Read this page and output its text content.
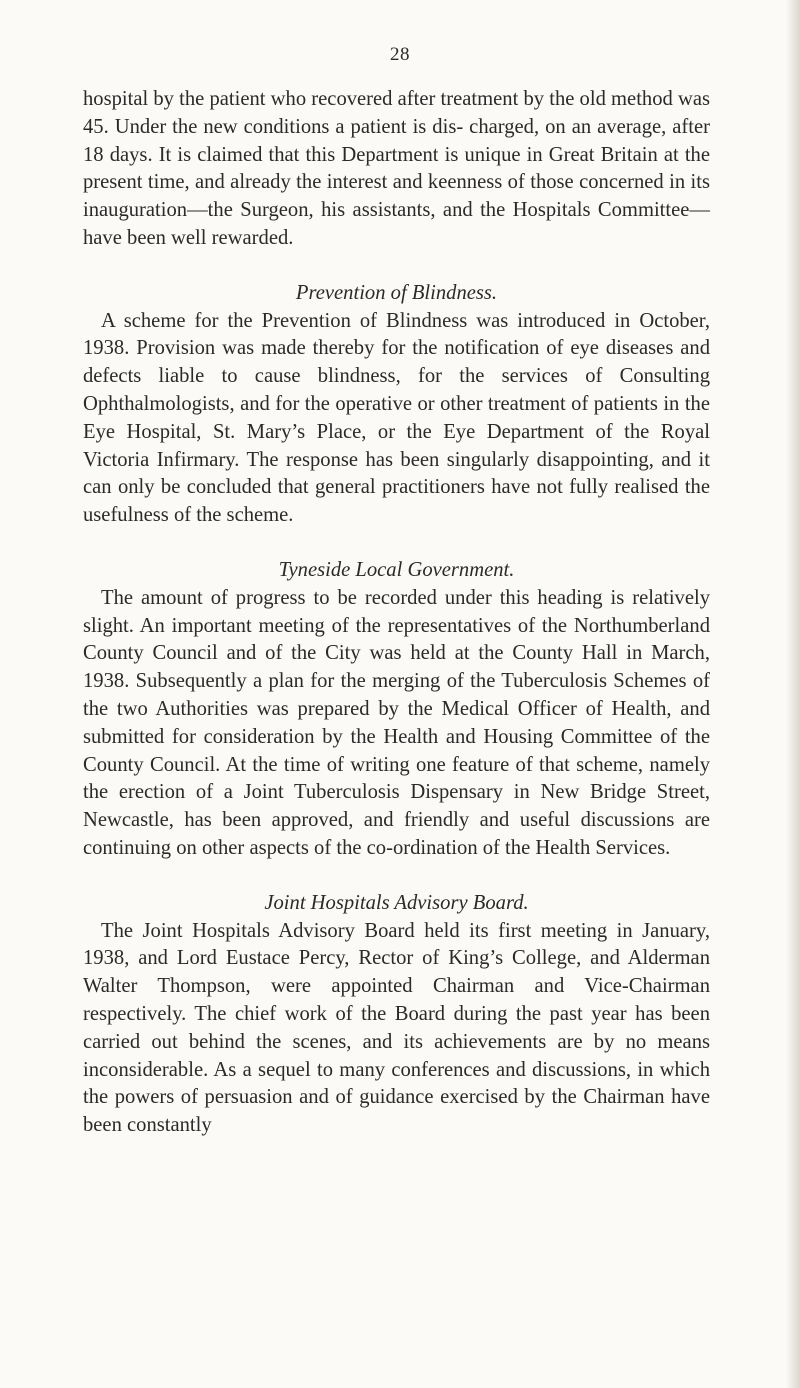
28

hospital by the patient who recovered after treatment by the old method was 45. Under the new conditions a patient is dis- charged, on an average, after 18 days. It is claimed that this Department is unique in Great Britain at the present time, and already the interest and keenness of those concerned in its inauguration—the Surgeon, his assistants, and the Hospitals Committee—have been well rewarded.

Prevention of Blindness.

A scheme for the Prevention of Blindness was introduced in October, 1938. Provision was made thereby for the notification of eye diseases and defects liable to cause blindness, for the services of Consulting Ophthalmologists, and for the operative or other treatment of patients in the Eye Hospital, St. Mary’s Place, or the Eye Department of the Royal Victoria Infirmary. The response has been singularly disappointing, and it can only be concluded that general practitioners have not fully realised the usefulness of the scheme.

Tyneside Local Government.

The amount of progress to be recorded under this heading is relatively slight. An important meeting of the representatives of the Northumberland County Council and of the City was held at the County Hall in March, 1938. Subsequently a plan for the merging of the Tuberculosis Schemes of the two Authorities was prepared by the Medical Officer of Health, and submitted for consideration by the Health and Housing Committee of the County Council. At the time of writing one feature of that scheme, namely the erection of a Joint Tuberculosis Dispensary in New Bridge Street, Newcastle, has been approved, and friendly and useful discussions are continuing on other aspects of the co-ordination of the Health Services.

Joint Hospitals Advisory Board.

The Joint Hospitals Advisory Board held its first meeting in January, 1938, and Lord Eustace Percy, Rector of King’s College, and Alderman Walter Thompson, were appointed Chairman and Vice-Chairman respectively. The chief work of the Board during the past year has been carried out behind the scenes, and its achievements are by no means inconsiderable. As a sequel to many conferences and discussions, in which the powers of persuasion and of guidance exercised by the Chairman have been constantly
